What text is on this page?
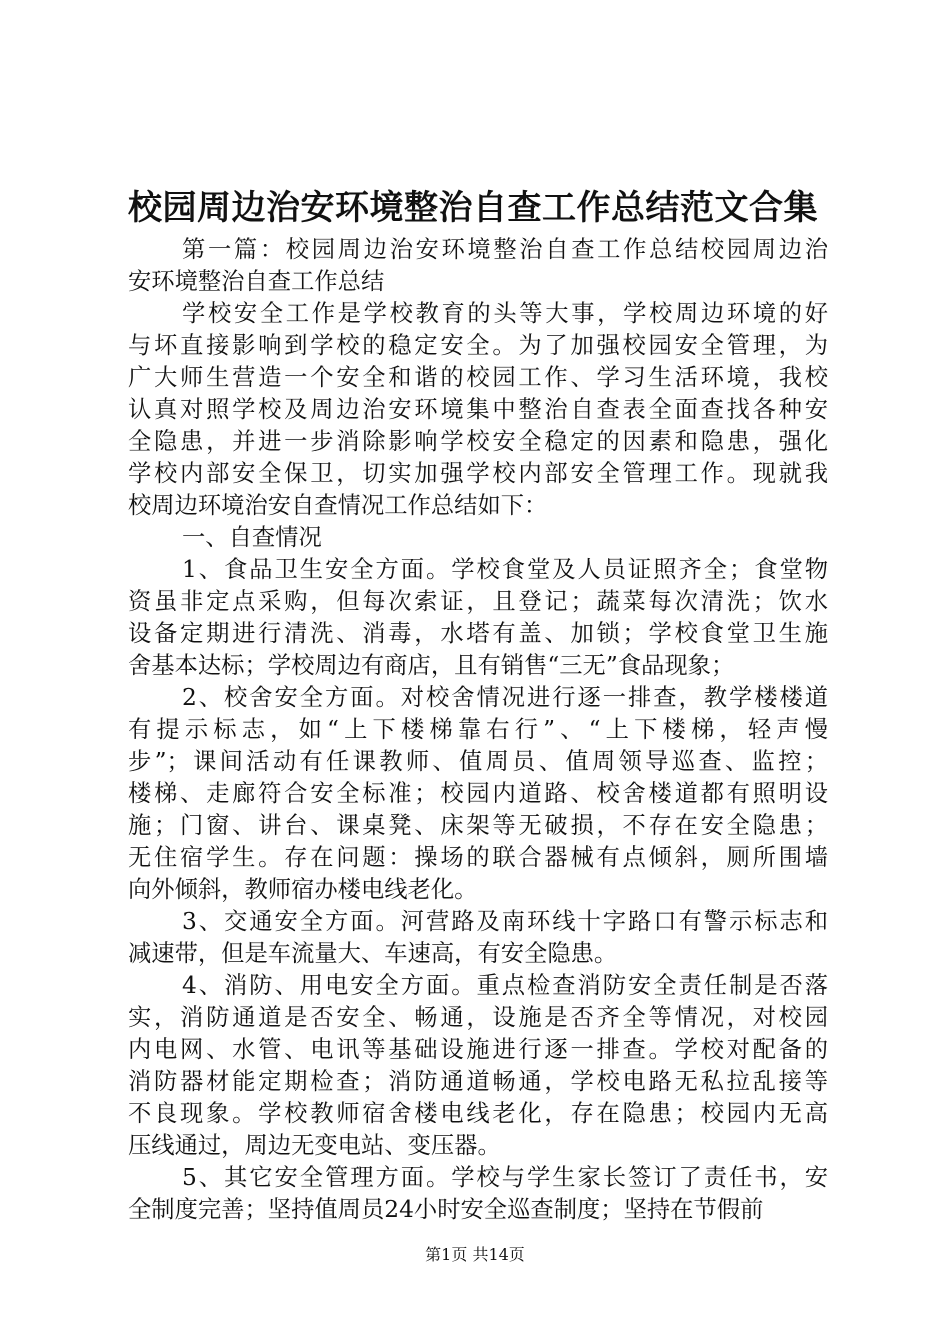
校园周边治安环境整治自查工作总结范文合集
第一篇：校园周边治安环境整治自查工作总结校园周边治
安环境整治自查工作总结
学校安全工作是学校教育的头等大事，学校周边环境的好
与坏直接影响到学校的稳定安全。为了加强校园安全管理，为
广大师生营造一个安全和谐的校园工作、学习生活环境，我校
认真对照学校及周边治安环境集中整治自查表全面查找各种安
全隐患，并进一步消除影响学校安全稳定的因素和隐患，强化
学校内部安全保卫，切实加强学校内部安全管理工作。现就我
校周边环境治安自查情况工作总结如下：
一、自查情况
1、食品卫生安全方面。学校食堂及人员证照齐全；食堂物
资虽非定点采购，但每次索证，且登记；蔬菜每次清洗；饮水
设备定期进行清洗、消毒，水塔有盖、加锁；学校食堂卫生施
舍基本达标；学校周边有商店，且有销售“三无”食品现象；
2、校舍安全方面。对校舍情况进行逐一排查，教学楼楼道
有提示标志，如“上下楼梯靠右行”、“上下楼梯，轻声慢
步”；课间活动有任课教师、值周员、值周领导巡查、监控；
楼梯、走廊符合安全标准；校园内道路、校舍楼道都有照明设
施；门窗、讲台、课桌凳、床架等无破损，不存在安全隐患；
无住宿学生。存在问题：操场的联合器械有点倾斜，厕所围墙
向外倾斜，教师宿办楼电线老化。
3、交通安全方面。河营路及南环线十字路口有警示标志和
减速带，但是车流量大、车速高，有安全隐患。
4、消防、用电安全方面。重点检查消防安全责任制是否落
实，消防通道是否安全、畅通，设施是否齐全等情况，对校园
内电网、水管、电讯等基础设施进行逐一排查。学校对配备的
消防器材能定期检查；消防通道畅通，学校电路无私拉乱接等
不良现象。学校教师宿舍楼电线老化，存在隐患；校园内无高
压线通过，周边无变电站、变压器。
5、其它安全管理方面。学校与学生家长签订了责任书，安
全制度完善；坚持值周员24小时安全巡查制度；坚持在节假前
第1页 共14页
